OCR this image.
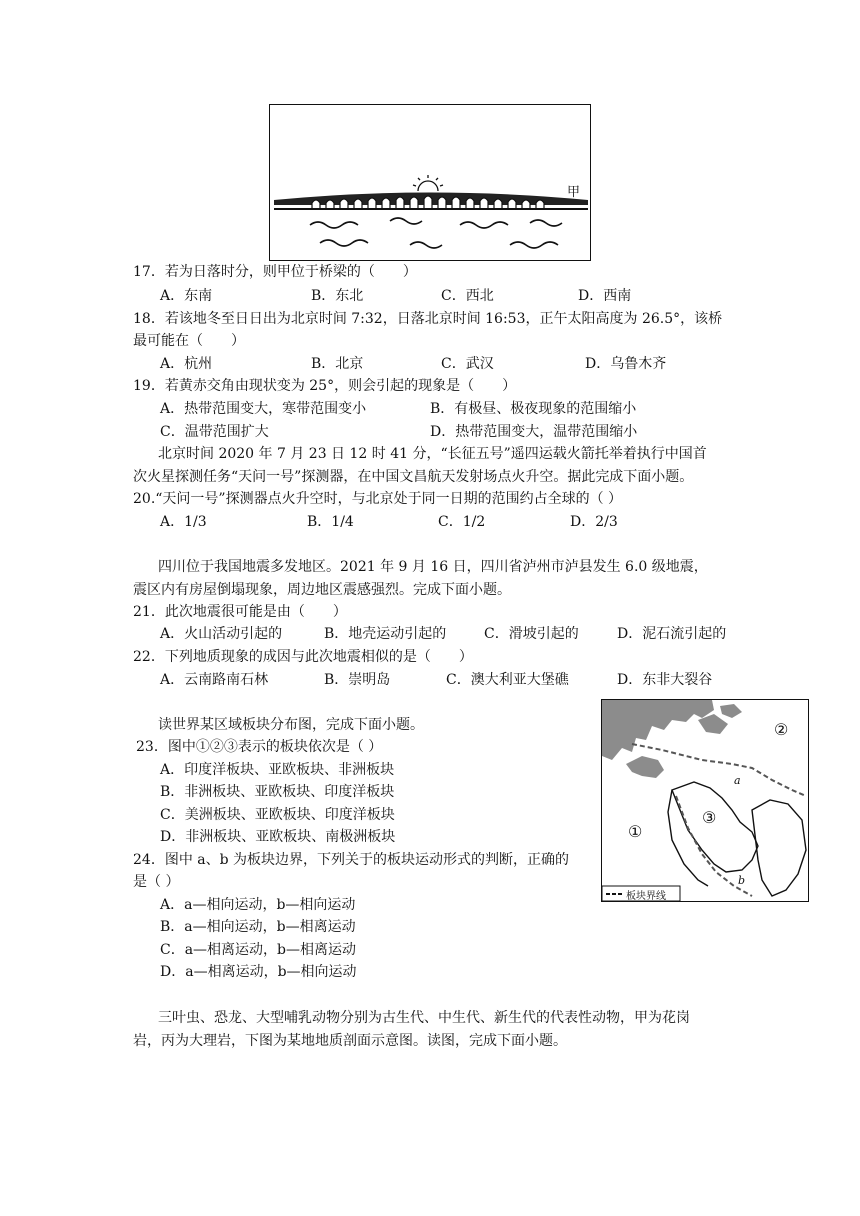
甲
17．若为日落时分，则甲位于桥梁的（　　）
A．东南	B．东北	C．西北	D．西南
18．若该地冬至日日出为北京时间 7:32，日落北京时间 16:53，正午太阳高度为 26.5°，该桥
最可能在（　　）
A．杭州	B．北京	C．武汉	D．乌鲁木齐
19．若黄赤交角由现状变为 25°，则会引起的现象是（　　）
A．热带范围变大，寒带范围变小	B．有极昼、极夜现象的范围缩小
C．温带范围扩大	D．热带范围变大，温带范围缩小
北京时间 2020 年 7 月 23 日 12 时 41 分，“长征五号”遥四运载火箭托举着执行中国首
次火星探测任务“天问一号”探测器，在中国文昌航天发射场点火升空。据此完成下面小题。
20.“天问一号”探测器点火升空时，与北京处于同一日期的范围约占全球的（ ）
A．1/3	B．1/4	C．1/2	D．2/3
四川位于我国地震多发地区。2021 年 9 月 16 日，四川省泸州市泸县发生 6.0 级地震，
震区内有房屋倒塌现象，周边地区震感强烈。完成下面小题。
21．此次地震很可能是由（　　）
A．火山活动引起的	B．地壳运动引起的	C．滑坡引起的	D．泥石流引起的
22．下列地质现象的成因与此次地震相似的是（　　）
A．云南路南石林	B．崇明岛	C．澳大利亚大堡礁	D．东非大裂谷
读世界某区域板块分布图，完成下面小题。
23．图中①②③表示的板块依次是（ ）
A．印度洋板块、亚欧板块、非洲板块
B．非洲板块、亚欧板块、印度洋板块
C．美洲板块、亚欧板块、印度洋板块
D．非洲板块、亚欧板块、南极洲板块
24．图中 a、b 为板块边界，下列关于的板块运动形式的判断，正确的
是（ ）
A．a—相向运动，b—相向运动
B．a—相向运动，b—相离运动
C．a—相离运动，b—相离运动
D．a—相离运动，b—相向运动
①
②
③
a
b
板块界线
三叶虫、恐龙、大型哺乳动物分别为古生代、中生代、新生代的代表性动物，甲为花岗
岩，丙为大理岩，下图为某地地质剖面示意图。读图，完成下面小题。
